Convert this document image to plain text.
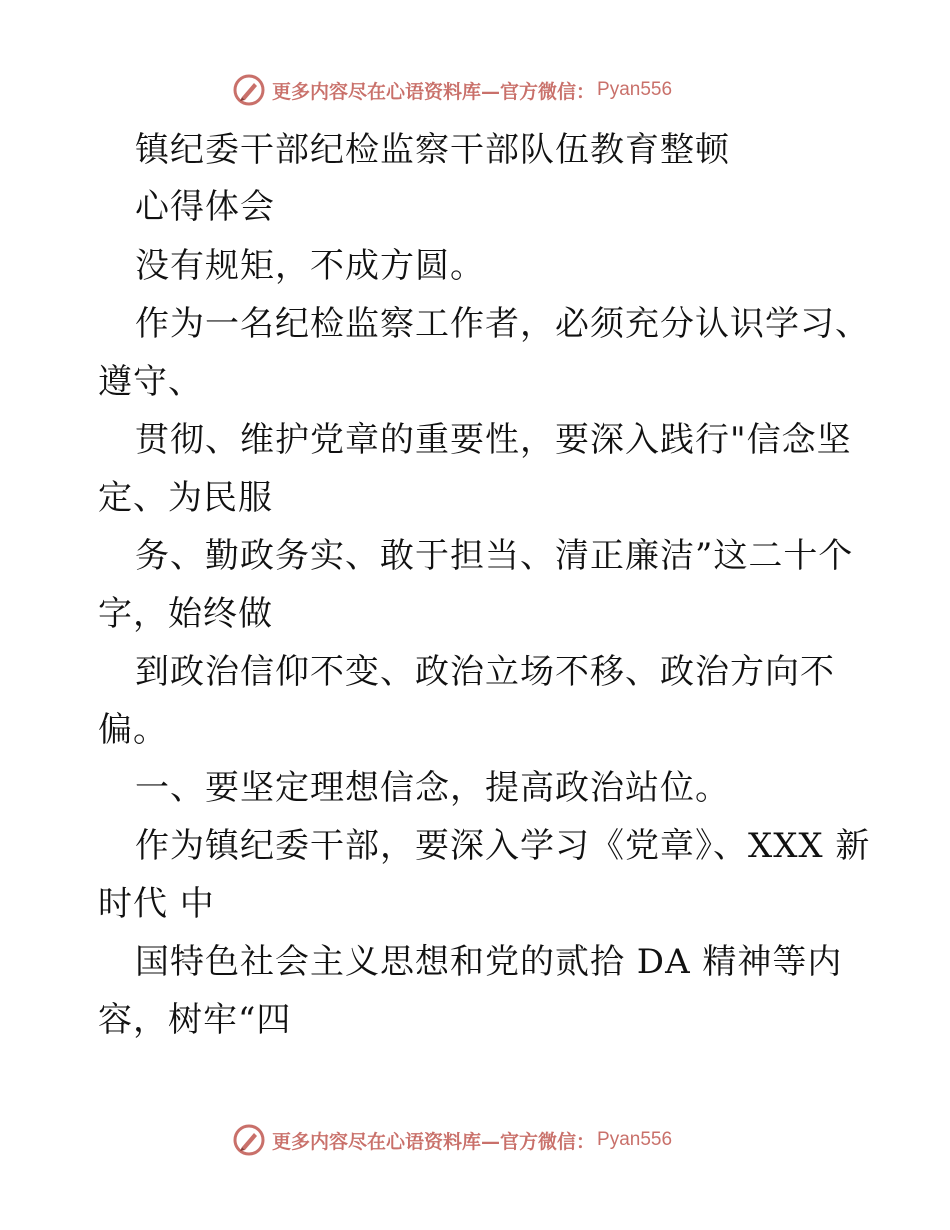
更多内容尽在心语资料库—官方微信： Pyan556
镇纪委干部纪检监察干部队伍教育整顿
心得体会
没有规矩，不成方圆。
作为一名纪检监察工作者，必须充分认识学习、
遵守、
贯彻、维护党章的重要性，要深入践行"信念坚
定、为民服
务、勤政务实、敢于担当、清正廉洁”这二十个
字，始终做
到政治信仰不变、政治立场不移、政治方向不
偏。
一、要坚定理想信念，提高政治站位。
作为镇纪委干部，要深入学习《党章》、XXX 新
时代 中
国特色社会主义思想和党的贰拾 DA 精神等内
容，树牢“四
更多内容尽在心语资料库—官方微信： Pyan556
